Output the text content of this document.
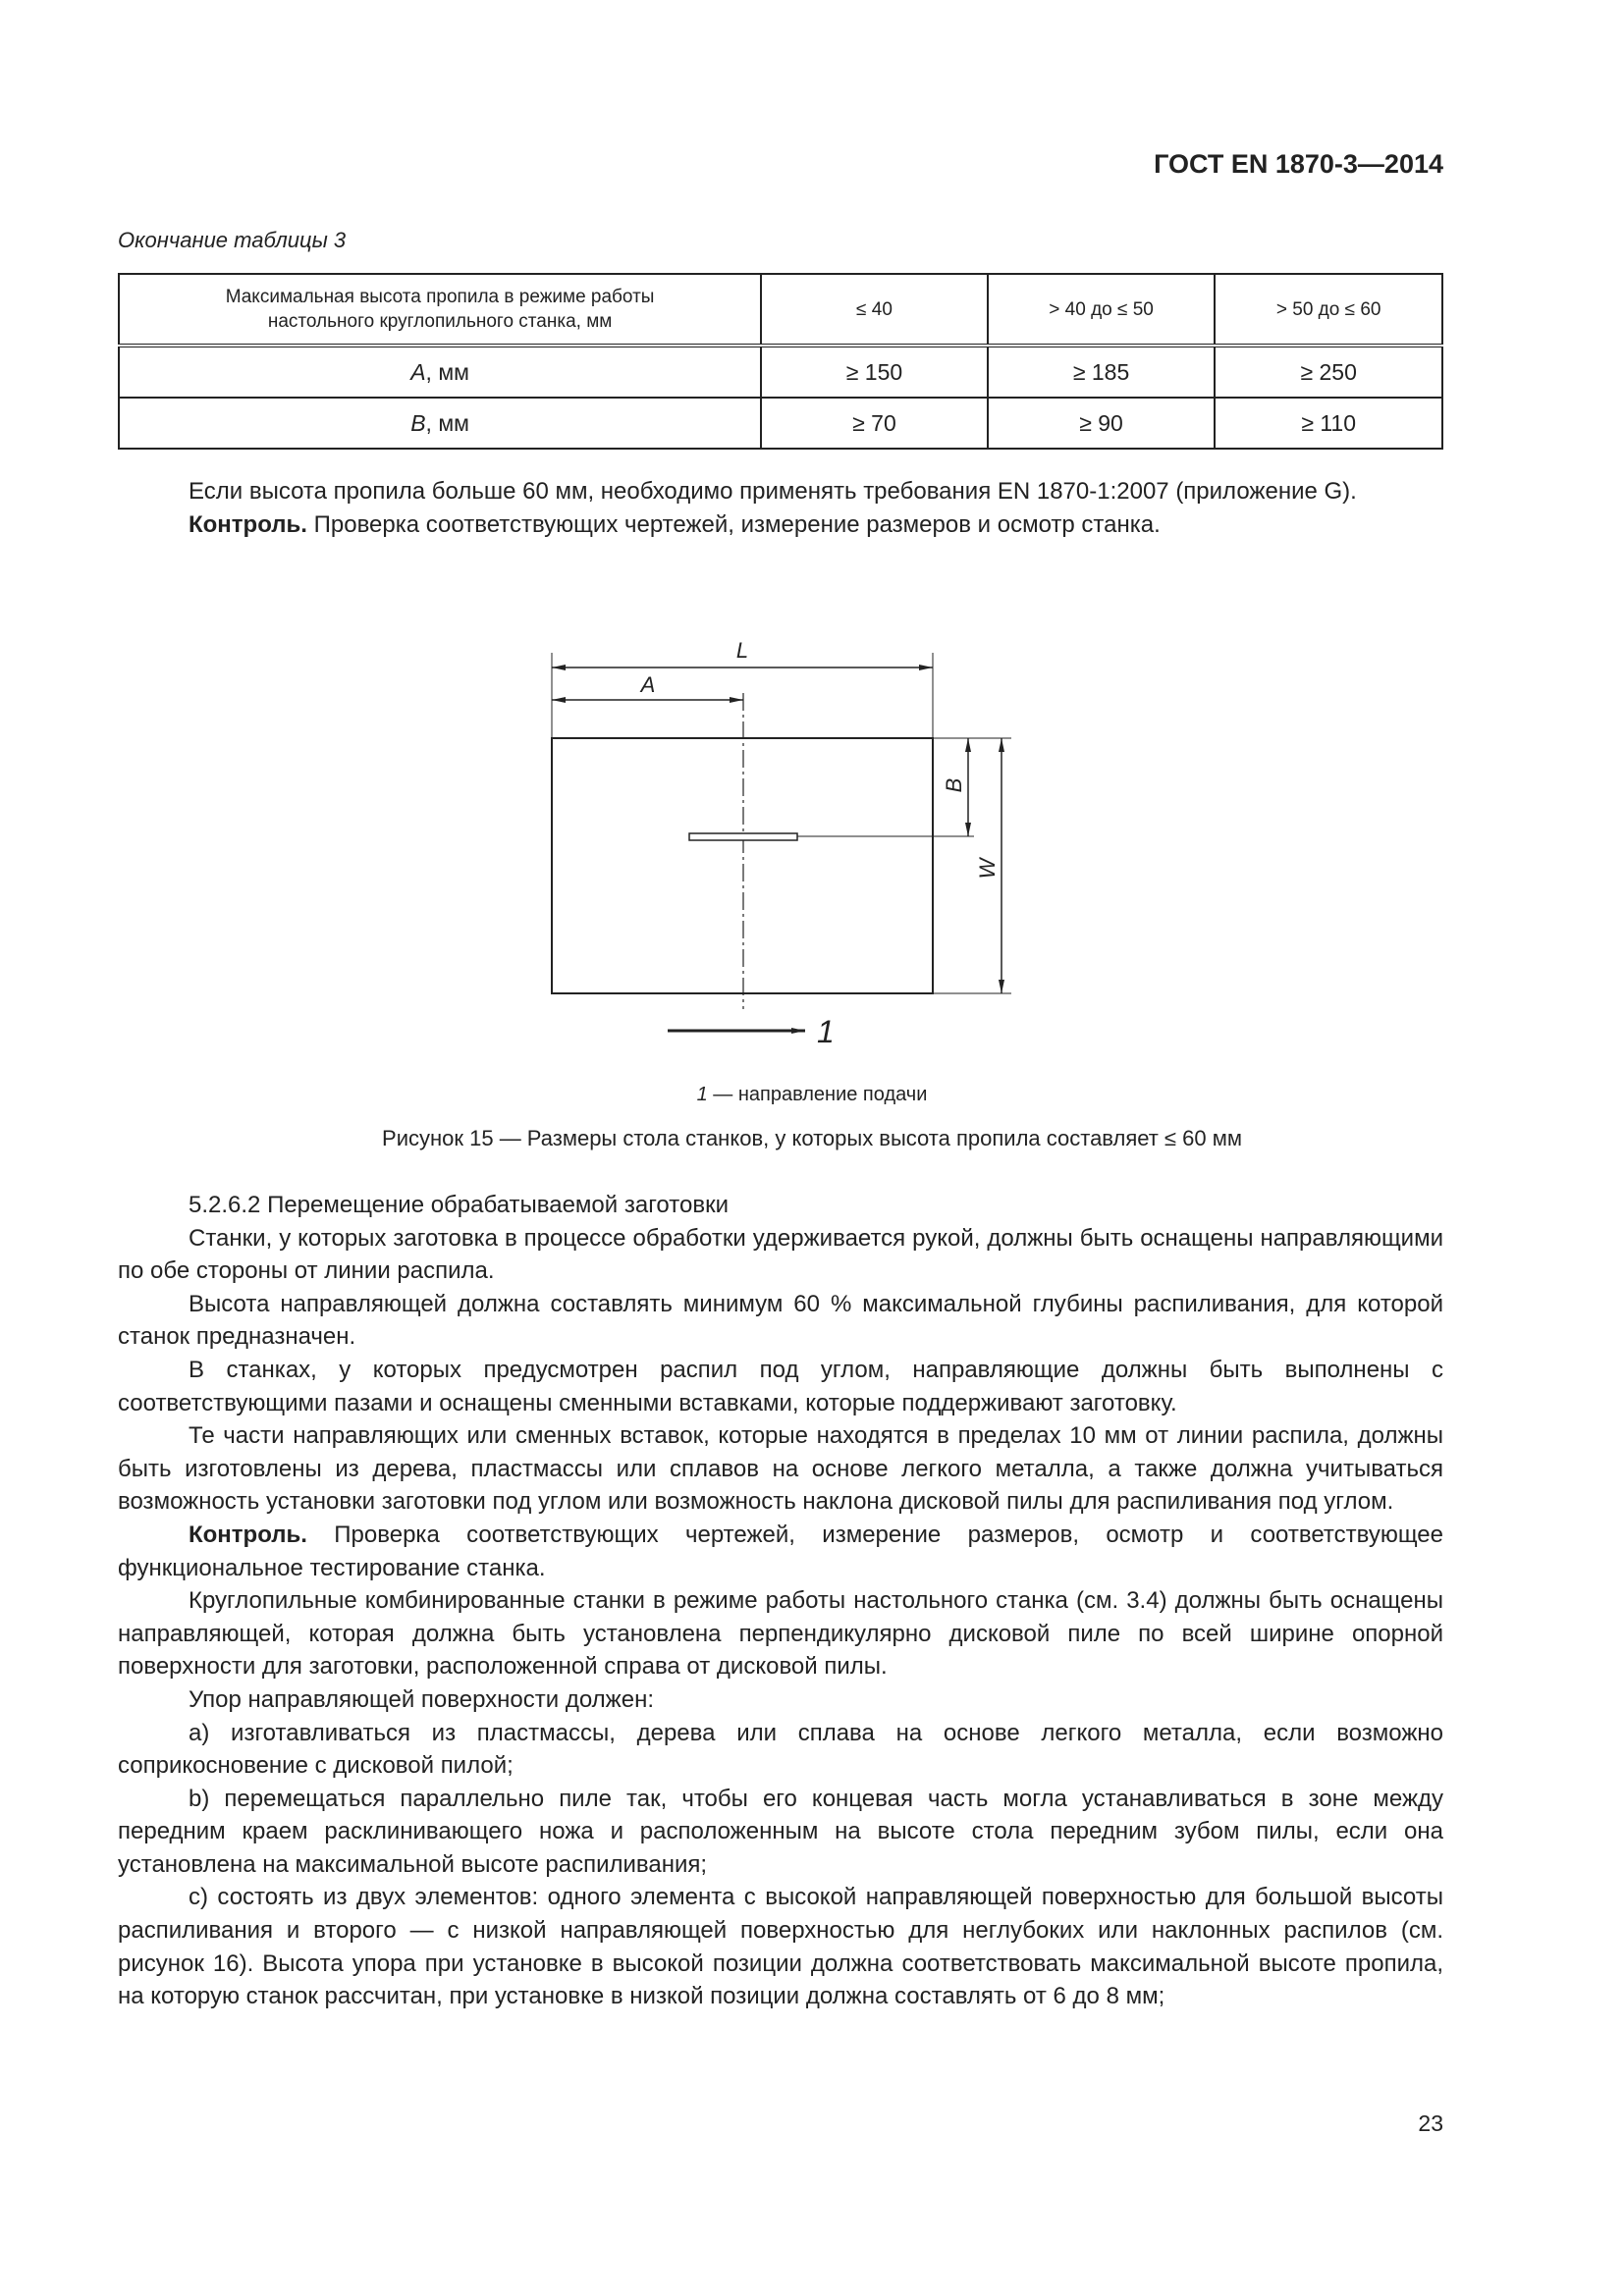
ГОСТ EN 1870-3—2014
Окончание таблицы 3
Максимальная высота пропила в режиме работы настольного круглопильного станка, мм	≤ 40	> 40 до ≤ 50	> 50 до ≤ 60
A, мм	≥ 150	≥ 185	≥ 250
B, мм	≥ 70	≥ 90	≥ 110

Если высота пропила больше 60 мм, необходимо применять требования EN 1870-1:2007 (приложение G).

Контроль. Проверка соответствующих чертежей, измерение размеров и осмотр станка.

L
A
B
W
1
1 — направление подачи
Рисунок 15 — Размеры стола станков, у которых высота пропила составляет ≤ 60 мм

5.2.6.2 Перемещение обрабатываемой заготовки

Станки, у которых заготовка в процессе обработки удерживается рукой, должны быть оснащены направляющими по обе стороны от линии распила.

Высота направляющей должна составлять минимум 60 % максимальной глубины распиливания, для которой станок предназначен.

В станках, у которых предусмотрен распил под углом, направляющие должны быть выполнены с соответствующими пазами и оснащены сменными вставками, которые поддерживают заготовку.

Те части направляющих или сменных вставок, которые находятся в пределах 10 мм от линии распила, должны быть изготовлены из дерева, пластмассы или сплавов на основе легкого металла, а также должна учитываться возможность установки заготовки под углом или возможность наклона дисковой пилы для распиливания под углом.

Контроль. Проверка соответствующих чертежей, измерение размеров, осмотр и соответствующее функциональное тестирование станка.

Круглопильные комбинированные станки в режиме работы настольного станка (см. 3.4) должны быть оснащены направляющей, которая должна быть установлена перпендикулярно дисковой пиле по всей ширине опорной поверхности для заготовки, расположенной справа от дисковой пилы.

Упор направляющей поверхности должен:

a) изготавливаться из пластмассы, дерева или сплава на основе легкого металла, если возможно соприкосновение с дисковой пилой;

b) перемещаться параллельно пиле так, чтобы его концевая часть могла устанавливаться в зоне между передним краем расклинивающего ножа и расположенным на высоте стола передним зубом пилы, если она установлена на максимальной высоте распиливания;

c) состоять из двух элементов: одного элемента с высокой направляющей поверхностью для большой высоты распиливания и второго — с низкой направляющей поверхностью для неглубоких или наклонных распилов (см. рисунок 16). Высота упора при установке в высокой позиции должна соответствовать максимальной высоте пропила, на которую станок рассчитан, при установке в низкой позиции должна составлять от 6 до 8 мм;

23
